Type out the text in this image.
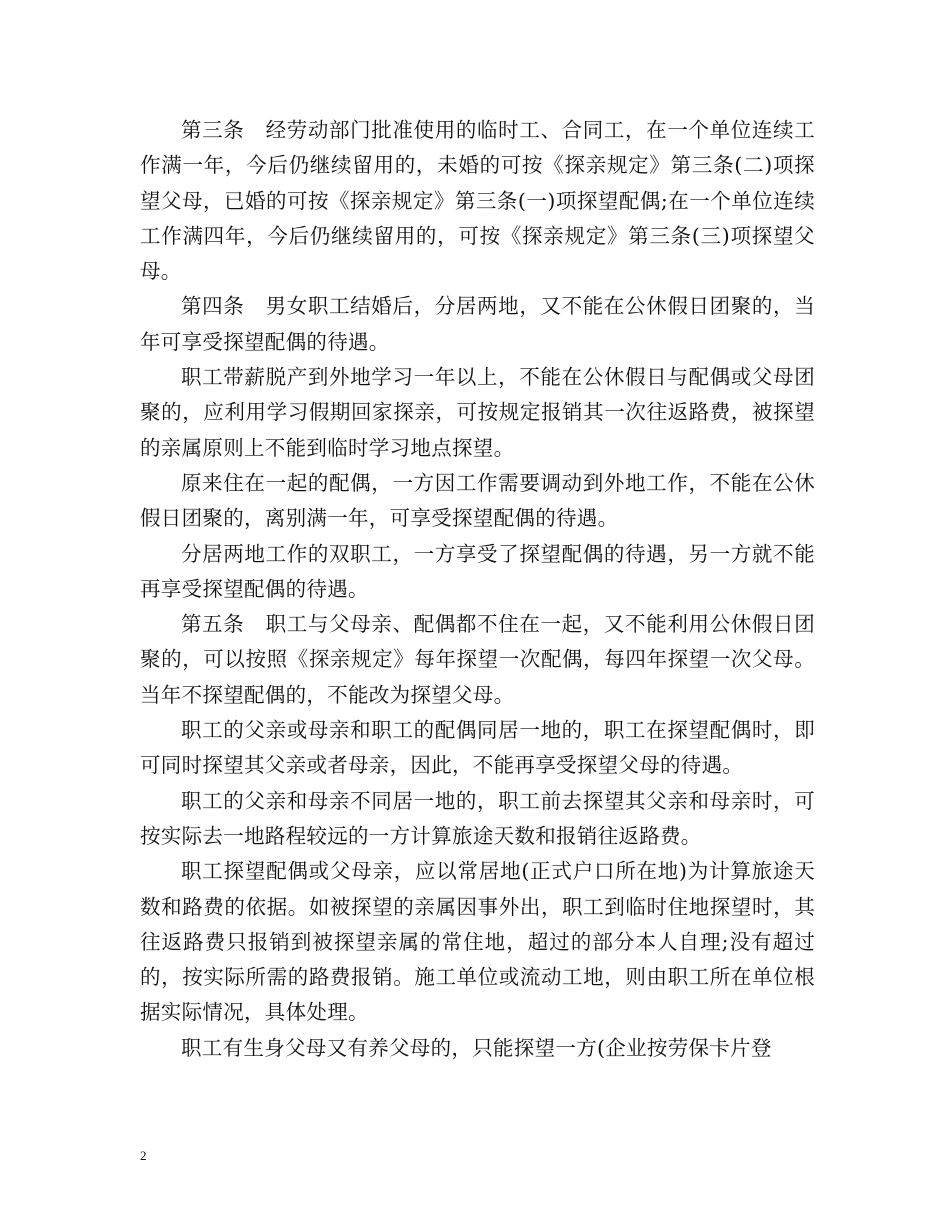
第三条　经劳动部门批准使用的临时工、合同工，在一个单位连续工作满一年，今后仍继续留用的，未婚的可按《探亲规定》第三条(二)项探望父母，已婚的可按《探亲规定》第三条(一)项探望配偶;在一个单位连续工作满四年，今后仍继续留用的，可按《探亲规定》第三条(三)项探望父母。

第四条　男女职工结婚后，分居两地，又不能在公休假日团聚的，当年可享受探望配偶的待遇。

职工带薪脱产到外地学习一年以上，不能在公休假日与配偶或父母团聚的，应利用学习假期回家探亲，可按规定报销其一次往返路费，被探望的亲属原则上不能到临时学习地点探望。

原来住在一起的配偶，一方因工作需要调动到外地工作，不能在公休假日团聚的，离别满一年，可享受探望配偶的待遇。

分居两地工作的双职工，一方享受了探望配偶的待遇，另一方就不能再享受探望配偶的待遇。

第五条　职工与父母亲、配偶都不住在一起，又不能利用公休假日团聚的，可以按照《探亲规定》每年探望一次配偶，每四年探望一次父母。当年不探望配偶的，不能改为探望父母。

职工的父亲或母亲和职工的配偶同居一地的，职工在探望配偶时，即可同时探望其父亲或者母亲，因此，不能再享受探望父母的待遇。

职工的父亲和母亲不同居一地的，职工前去探望其父亲和母亲时，可按实际去一地路程较远的一方计算旅途天数和报销往返路费。

职工探望配偶或父母亲，应以常居地(正式户口所在地)为计算旅途天数和路费的依据。如被探望的亲属因事外出，职工到临时住地探望时，其往返路费只报销到被探望亲属的常住地，超过的部分本人自理;没有超过的，按实际所需的路费报销。施工单位或流动工地，则由职工所在单位根据实际情况，具体处理。

职工有生身父母又有养父母的，只能探望一方(企业按劳保卡片登

2
